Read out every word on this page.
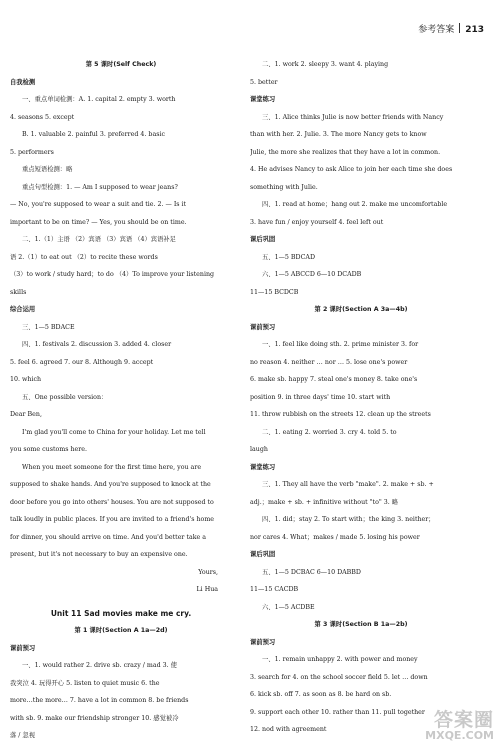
参考答案 213
第 5 课时(Self Check)
自我检测
一、重点单词检测：A. 1. capital 2. empty 3. worth
4. seasons 5. except
B. 1. valuable 2. painful 3. preferred 4. basic
5. performers
重点短语检测：略
重点句型检测：1. — Am I supposed to wear jeans?
— No, you're supposed to wear a suit and tie. 2. — Is it
important to be on time? — Yes, you should be on time.
二、1.（1）主语 （2）宾语 （3）宾语 （4）宾语补足
语 2.（1）to eat out （2）to recite these words
（3）to work / study hard；to do （4）To improve your listening
skills
综合运用
三、1—5 BDACE
四、1. festivals 2. discussion 3. added 4. closer
5. feel 6. agreed 7. our 8. Although 9. accept
10. which
五、One possible version：
Dear Ben,
I'm glad you'll come to China for your holiday. Let me tell
you some customs here.
When you meet someone for the first time here, you are
supposed to shake hands. And you're supposed to knock at the
door before you go into others' houses. You are not supposed to
talk loudly in public places. If you are invited to a friend's home
for dinner, you should arrive on time. And you'd better take a
present, but it's not necessary to buy an expensive one.
Yours,
Li Hua
Unit 11 Sad movies make me cry.
第 1 课时(Section A 1a—2d)
课前预习
一、1. would rather 2. drive sb. crazy / mad 3. 使
我突泣 4. 玩得开心 5. listen to quiet music 6. the
more…the more… 7. have a lot in common 8. be friends
with sb. 9. make our friendship stronger 10. 感觉被冷
落 / 忽视
二、1. work 2. sleepy 3. want 4. playing
5. better
课堂练习
三、1. Alice thinks Julie is now better friends with Nancy
than with her. 2. Julie. 3. The more Nancy gets to know
Julie, the more she realizes that they have a lot in common.
4. He advises Nancy to ask Alice to join her each time she does
something with Julie.
四、1. read at home；hang out 2. make me uncomfortable
3. have fun / enjoy yourself 4. feel left out
课后巩固
五、1—5 BDCAD
六、1—5 ABCCD 6—10 DCADB
11—15 BCDCB
第 2 课时(Section A 3a—4b)
课前预习
一、1. feel like doing sth. 2. prime minister 3. for
no reason 4. neither … nor … 5. lose one's power
6. make sb. happy 7. steal one's money 8. take one's
position 9. in three days' time 10. start with
11. throw rubbish on the streets 12. clean up the streets
二、1. eating 2. worried 3. cry 4. told 5. to
laugh
课堂练习
三、1. They all have the verb "make". 2. make + sb. +
adj.；make + sb. + infinitive without "to" 3. 略
四、1. did；stay 2. To start with；the king 3. neither；
nor cares 4. What；makes / made 5. losing his power
课后巩固
五、1—5 DCBAC 6—10 DABBD
11—15 CACDB
六、1—5 ACDBE
第 3 课时(Section B 1a—2b)
课前预习
一、1. remain unhappy 2. with power and money
3. search for 4. on the school soccer field 5. let … down
6. kick sb. off 7. as soon as 8. be hard on sb.
9. support each other 10. rather than 11. pull together
12. nod with agreement	答案圈
MXQE.COM
